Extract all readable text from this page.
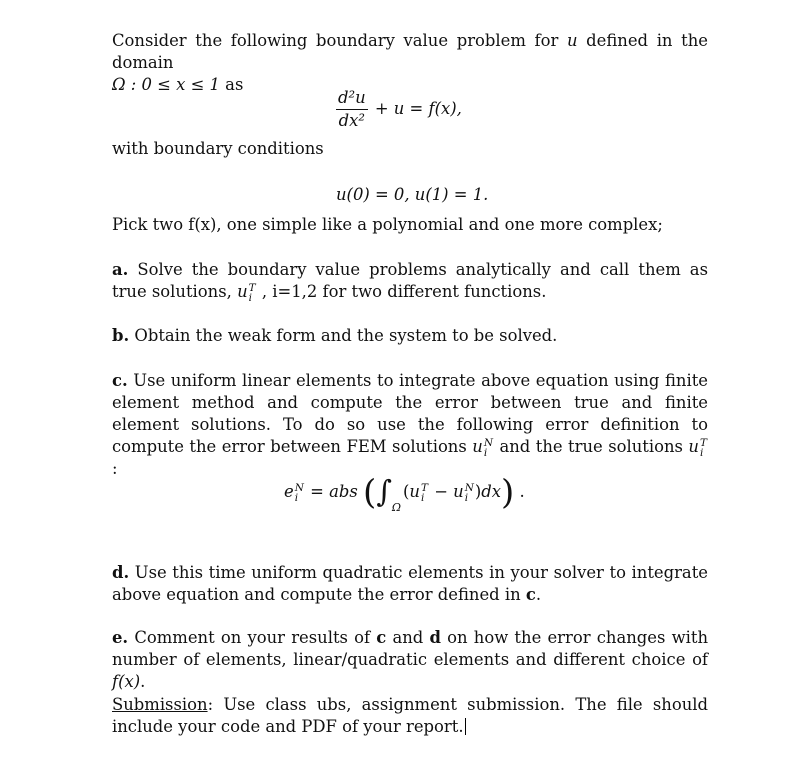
Consider the following boundary value problem for u defined in the domain
Ω : 0 ≤ x ≤ 1 as

$\frac{\text{d²u}}{\text{dx²}} + u = f(x)$,

with boundary conditions

u(0) = 0, u(1) = 1.

Pick two f(x), one simple like a polynomial and one more complex;

a. Solve the boundary value problems analytically and call them as true solutions, u T
i , i=1,2 for two different functions.

b. Obtain the weak form and the system to be solved.

c. Use uniform linear elements to integrate above equation using finite element method and compute the error between true and finite element solutions. To do so use the following error definition to compute the error between FEM solutions u N
i and the true solutions u T
i
:

e N
i = abs ($\int_\Omega(u$ T
i − u N
i )dx) .

d. Use this time uniform quadratic elements in your solver to integrate above equation and compute the error defined in c.

e. Comment on your results of c and d on how the error changes with number of elements, linear/quadratic elements and different choice of f(x).

Submission: Use class ubs, assignment submission. The file should include your code and PDF of your report.
